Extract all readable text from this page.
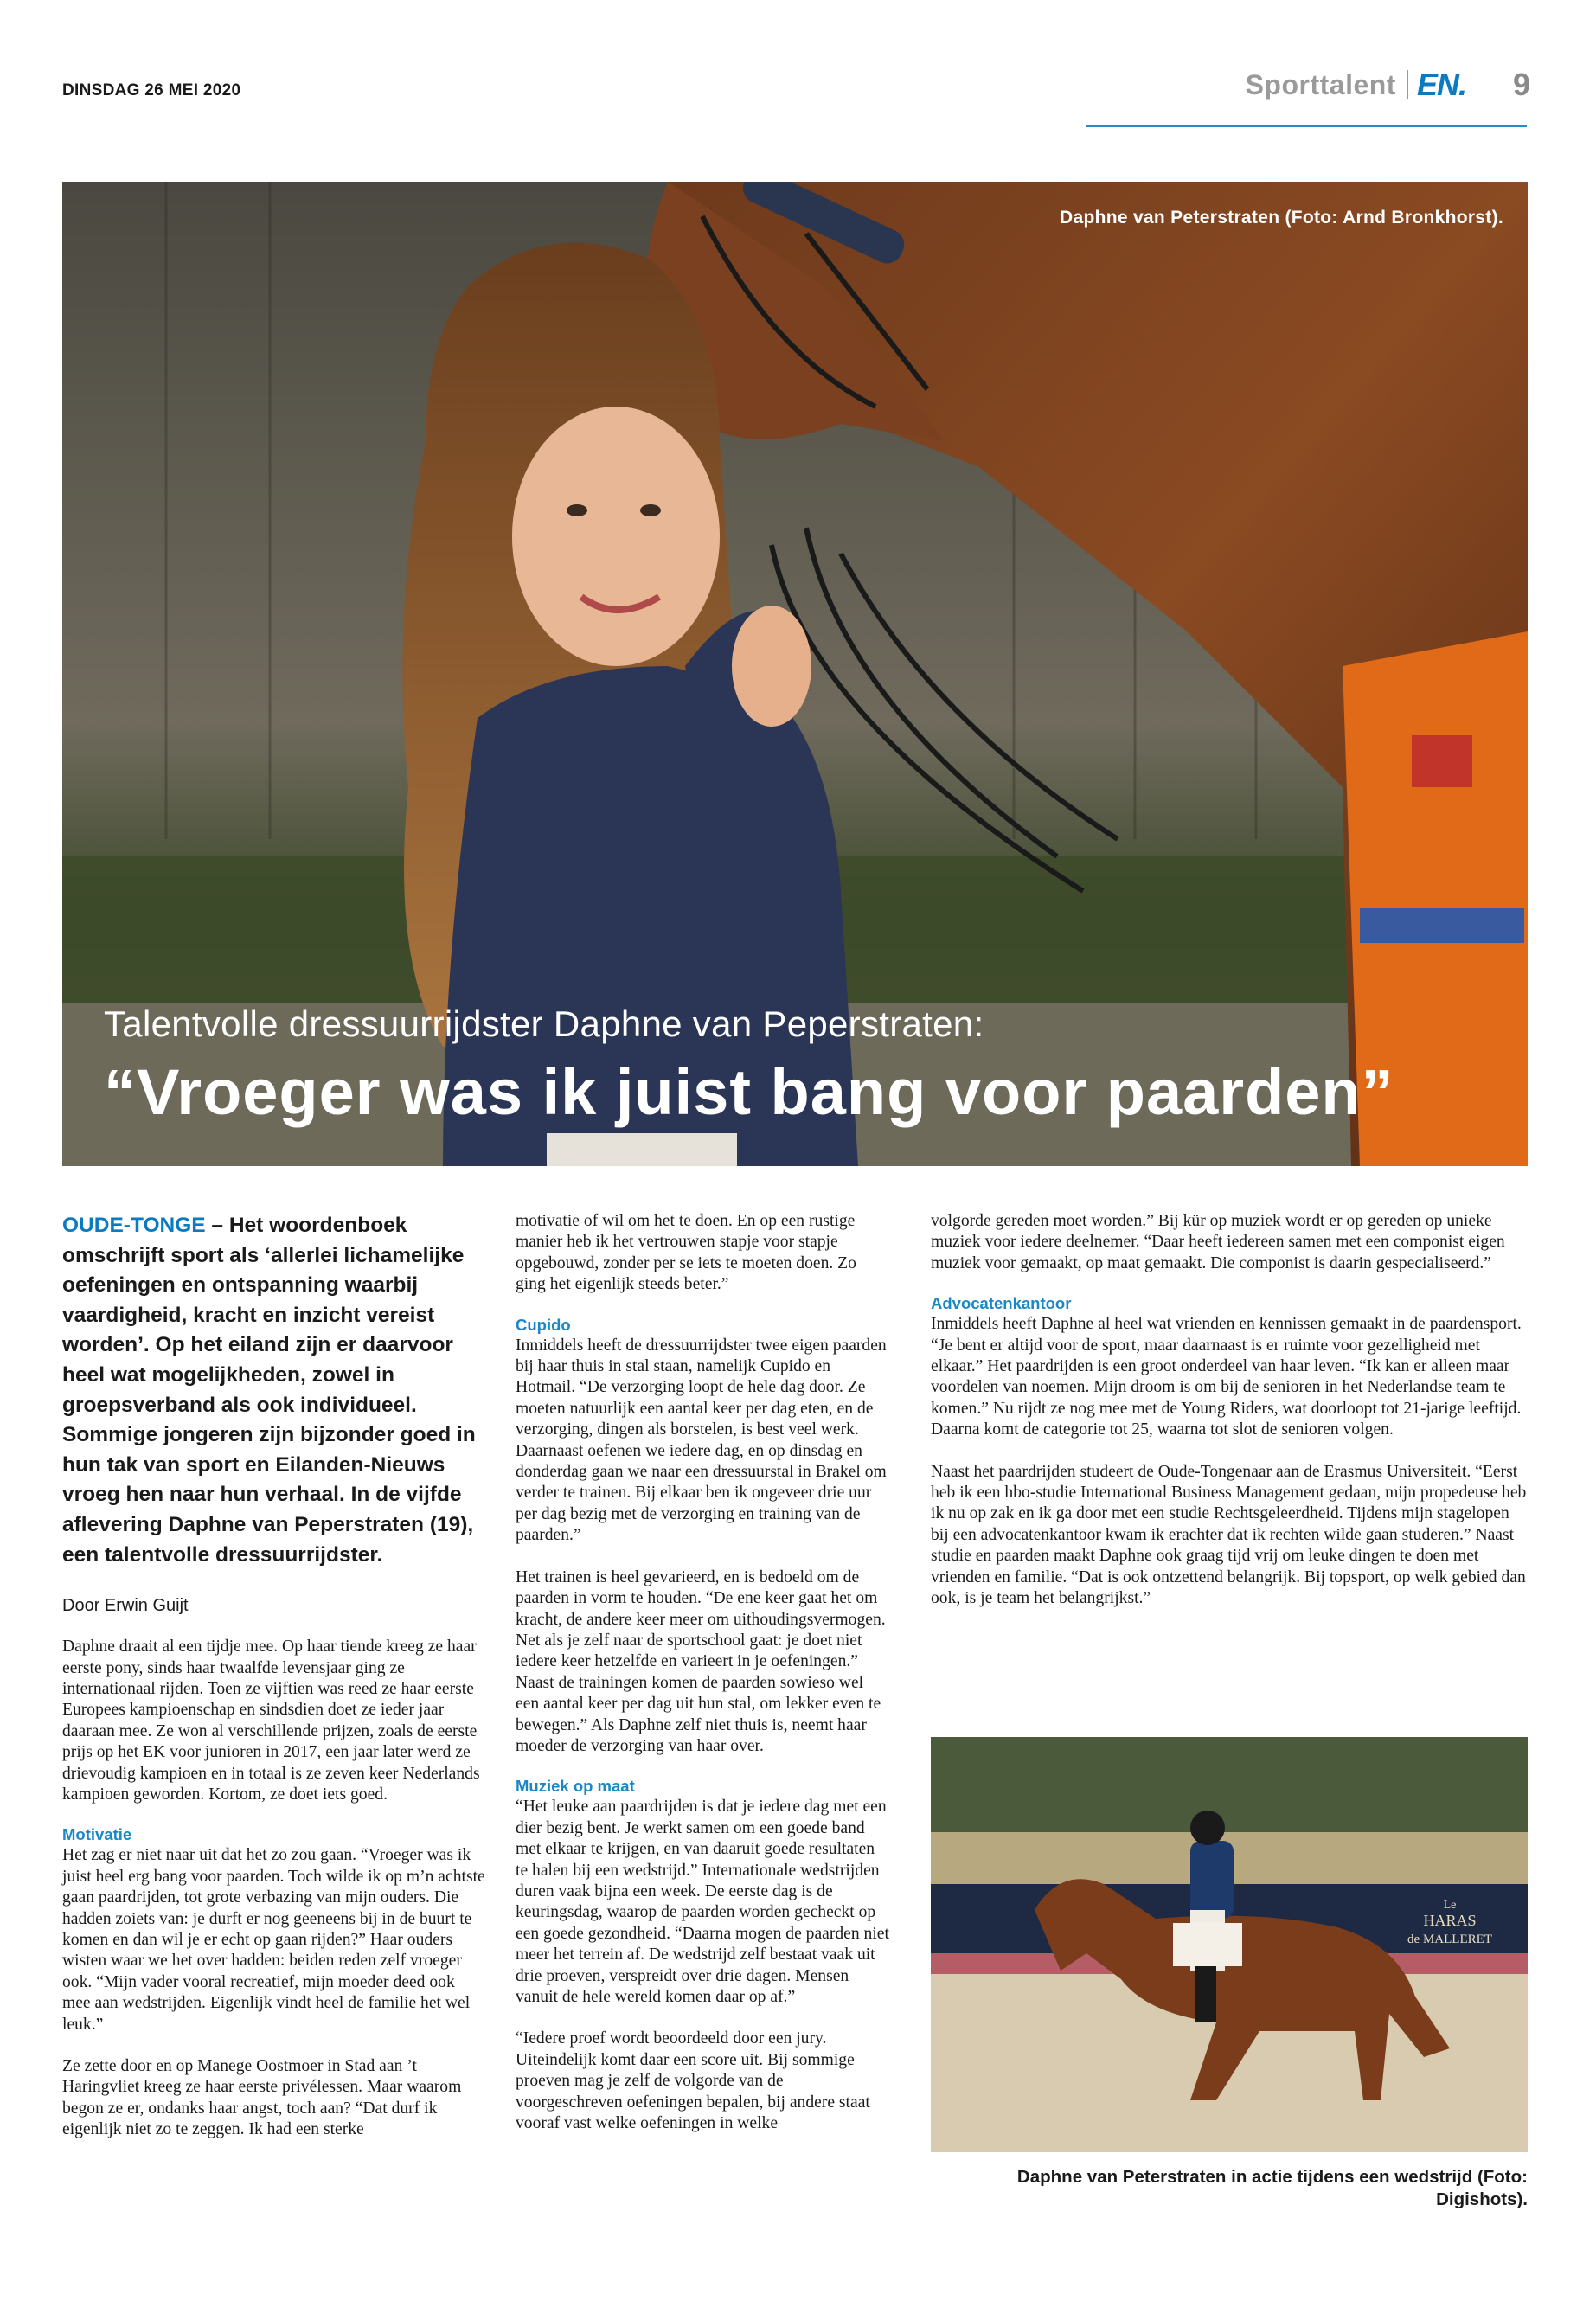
DINSDAG 26 MEI 2020	Sporttalent EN. 9
Daphne van Peterstraten (Foto: Arnd Bronkhorst).
Talentvolle dressuurrijdster Daphne van Peperstraten:
“Vroeger was ik juist bang voor paarden”
OUDE-TONGE – Het woordenboek omschrijft sport als ‘allerlei lichamelijke oefeningen en ontspanning waarbij vaardigheid, kracht en inzicht vereist worden’. Op het eiland zijn er daarvoor heel wat mogelijkheden, zowel in groepsverband als ook individueel. Sommige jongeren zijn bijzonder goed in hun tak van sport en Eilanden-Nieuws vroeg hen naar hun verhaal. In de vijfde aflevering Daphne van Peperstraten (19), een talentvolle dressuurrijdster.
Door Erwin Guijt

Daphne draait al een tijdje mee. Op haar tiende kreeg ze haar eerste pony, sinds haar twaalfde levensjaar ging ze internationaal rijden. Toen ze vijftien was reed ze haar eerste Europees kampioenschap en sindsdien doet ze ieder jaar daaraan mee. Ze won al verschillende prijzen, zoals de eerste prijs op het EK voor junioren in 2017, een jaar later werd ze drievoudig kampioen en in totaal is ze zeven keer Nederlands kampioen geworden. Kortom, ze doet iets goed.

Motivatie

Het zag er niet naar uit dat het zo zou gaan. “Vroeger was ik juist heel erg bang voor paarden. Toch wilde ik op m’n achtste gaan paardrijden, tot grote verbazing van mijn ouders. Die hadden zoiets van: je durft er nog geeneens bij in de buurt te komen en dan wil je er echt op gaan rijden?” Haar ouders wisten waar we het over hadden: beiden reden zelf vroeger ook. “Mijn vader vooral recreatief, mijn moeder deed ook mee aan wedstrijden. Eigenlijk vindt heel de familie het wel leuk.”

Ze zette door en op Manege Oostmoer in Stad aan ’t Haringvliet kreeg ze haar eerste privélessen. Maar waarom begon ze er, ondanks haar angst, toch aan? “Dat durf ik eigenlijk niet zo te zeggen. Ik had een sterke

motivatie of wil om het te doen. En op een rustige manier heb ik het vertrouwen stapje voor stapje opgebouwd, zonder per se iets te moeten doen. Zo ging het eigenlijk steeds beter.”

Cupido

Inmiddels heeft de dressuurrijdster twee eigen paarden bij haar thuis in stal staan, namelijk Cupido en Hotmail. “De verzorging loopt de hele dag door. Ze moeten natuurlijk een aantal keer per dag eten, en de verzorging, dingen als borstelen, is best veel werk. Daarnaast oefenen we iedere dag, en op dinsdag en donderdag gaan we naar een dressuurstal in Brakel om verder te trainen. Bij elkaar ben ik ongeveer drie uur per dag bezig met de verzorging en training van de paarden.”

Het trainen is heel gevarieerd, en is bedoeld om de paarden in vorm te houden. “De ene keer gaat het om kracht, de andere keer meer om uithoudingsvermogen. Net als je zelf naar de sportschool gaat: je doet niet iedere keer hetzelfde en varieert in je oefeningen.” Naast de trainingen komen de paarden sowieso wel een aantal keer per dag uit hun stal, om lekker even te bewegen.” Als Daphne zelf niet thuis is, neemt haar moeder de verzorging van haar over.

Muziek op maat

“Het leuke aan paardrijden is dat je iedere dag met een dier bezig bent. Je werkt samen om een goede band met elkaar te krijgen, en van daaruit goede resultaten te halen bij een wedstrijd.” Internationale wedstrijden duren vaak bijna een week. De eerste dag is de keuringsdag, waarop de paarden worden gecheckt op een goede gezondheid. “Daarna mogen de paarden niet meer het terrein af. De wedstrijd zelf bestaat vaak uit drie proeven, verspreidt over drie dagen. Mensen vanuit de hele wereld komen daar op af.”

“Iedere proef wordt beoordeeld door een jury. Uiteindelijk komt daar een score uit. Bij sommige proeven mag je zelf de volgorde van de voorgeschreven oefeningen bepalen, bij andere staat vooraf vast welke oefeningen in welke

volgorde gereden moet worden.” Bij kür op muziek wordt er op gereden op unieke muziek voor iedere deelnemer. “Daar heeft iedereen samen met een componist eigen muziek voor gemaakt, op maat gemaakt. Die componist is daarin gespecialiseerd.”

Advocatenkantoor

Inmiddels heeft Daphne al heel wat vrienden en kennissen gemaakt in de paardensport. “Je bent er altijd voor de sport, maar daarnaast is er ruimte voor gezelligheid met elkaar.” Het paardrijden is een groot onderdeel van haar leven. “Ik kan er alleen maar voordelen van noemen. Mijn droom is om bij de senioren in het Nederlandse team te komen.” Nu rijdt ze nog mee met de Young Riders, wat doorloopt tot 21-jarige leeftijd. Daarna komt de categorie tot 25, waarna tot slot de senioren volgen.

Naast het paardrijden studeert de Oude-Tongenaar aan de Erasmus Universiteit. “Eerst heb ik een hbo-studie International Business Management gedaan, mijn propedeuse heb ik nu op zak en ik ga door met een studie Rechtsgeleerdheid. Tijdens mijn stagelopen bij een advocatenkantoor kwam ik erachter dat ik rechten wilde gaan studeren.” Naast studie en paarden maakt Daphne ook graag tijd vrij om leuke dingen te doen met vrienden en familie. “Dat is ook ontzettend belangrijk. Bij topsport, op welk gebied dan ook, is je team het belangrijkst.”

Le
HARAS
de MALLERET
Daphne van Peterstraten in actie tijdens een wedstrijd (Foto: Digishots).
